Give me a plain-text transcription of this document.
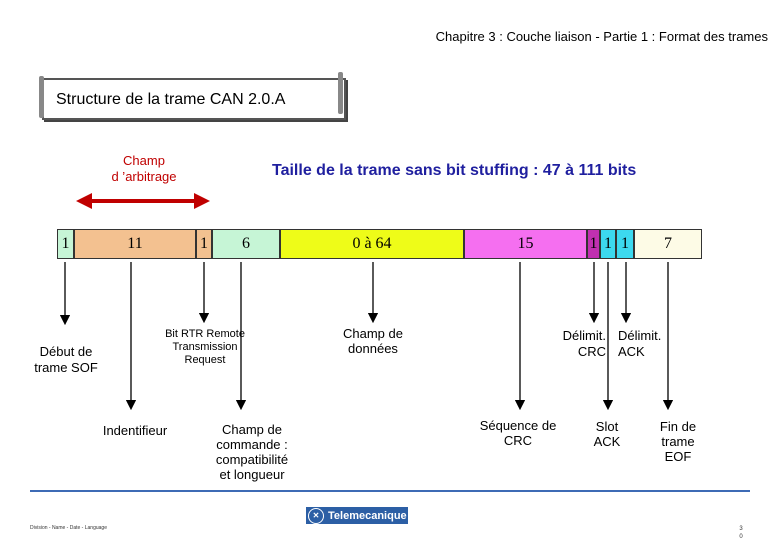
Chapitre 3 : Couche liaison - Partie 1 : Format des trames
Structure de la trame CAN 2.0.A
Champ
d ’arbitrage	Taille de la trame sans bit stuffing : 47 à 111 bits
1	11	1	6	0 à 64	15	1 1 1	7
Début de
trame SOF
Indentifieur
Bit RTR Remote
Transmission
Request
Champ de
commande :
compatibilité
et longueur
Champ de
données
Séquence de
CRC
Délimit.
CRC
Délimit.
ACK
Slot
ACK
Fin de
trame
EOF
✕ Telemecanique
Division - Name - Date - Language	3
0
